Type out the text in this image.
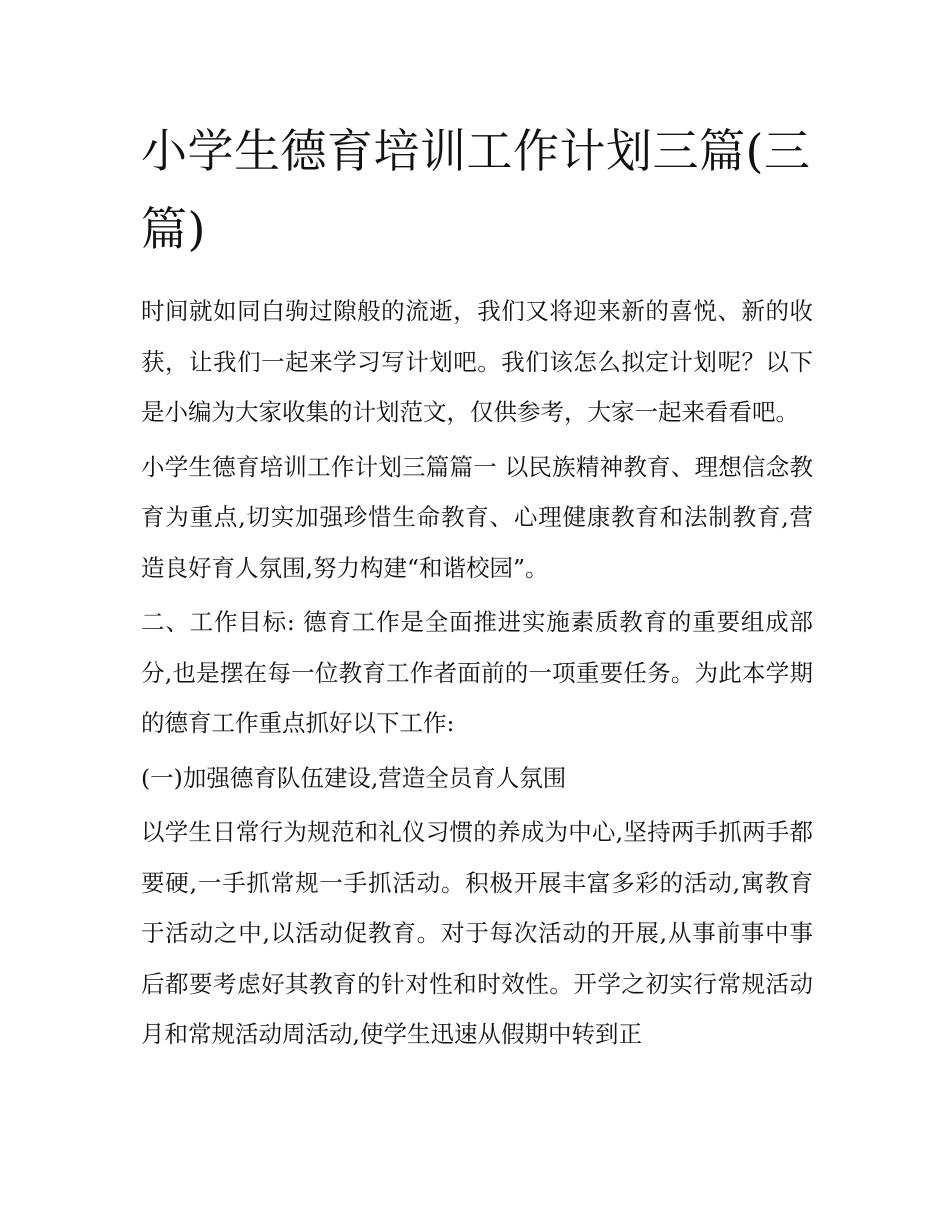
小学生德育培训工作计划三篇(三篇)

时间就如同白驹过隙般的流逝，我们又将迎来新的喜悦、新的收获，让我们一起来学习写计划吧。我们该怎么拟定计划呢？以下是小编为大家收集的计划范文，仅供参考，大家一起来看看吧。

小学生德育培训工作计划三篇篇一 以民族精神教育、理想信念教育为重点,切实加强珍惜生命教育、心理健康教育和法制教育,营造良好育人氛围,努力构建“和谐校园”。

二、工作目标: 德育工作是全面推进实施素质教育的重要组成部分,也是摆在每一位教育工作者面前的一项重要任务。为此本学期的德育工作重点抓好以下工作:

(一)加强德育队伍建设,营造全员育人氛围

以学生日常行为规范和礼仪习惯的养成为中心,坚持两手抓两手都要硬,一手抓常规一手抓活动。积极开展丰富多彩的活动,寓教育于活动之中,以活动促教育。对于每次活动的开展,从事前事中事后都要考虑好其教育的针对性和时效性。开学之初实行常规活动月和常规活动周活动,使学生迅速从假期中转到正
